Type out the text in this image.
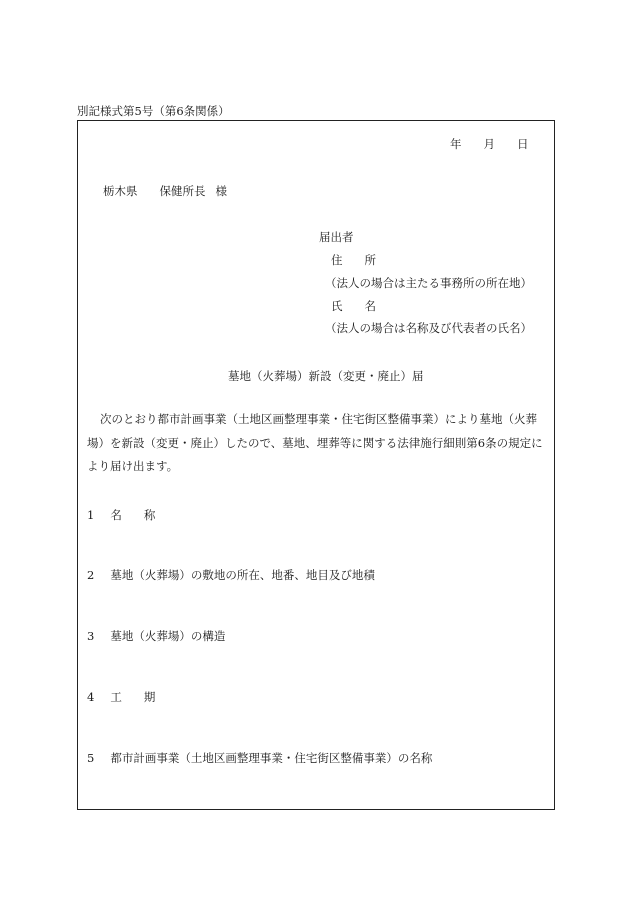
別記様式第5号（第6条関係）
年 月 日
栃木県 保健所長 様
届出者
住 所
（法人の場合は主たる事務所の所在地）
氏 名
（法人の場合は名称及び代表者の氏名）
墓地（火葬場）新設（変更・廃止）届
次のとおり都市計画事業（土地区画整理事業・住宅街区整備事業）により墓地（火葬
場）を新設（変更・廃止）したので、墓地、埋葬等に関する法律施行細則第6条の規定に
より届け出ます。
1 名 称
2 墓地（火葬場）の敷地の所在、地番、地目及び地積
3 墓地（火葬場）の構造
4 工 期
5 都市計画事業（土地区画整理事業・住宅街区整備事業）の名称
